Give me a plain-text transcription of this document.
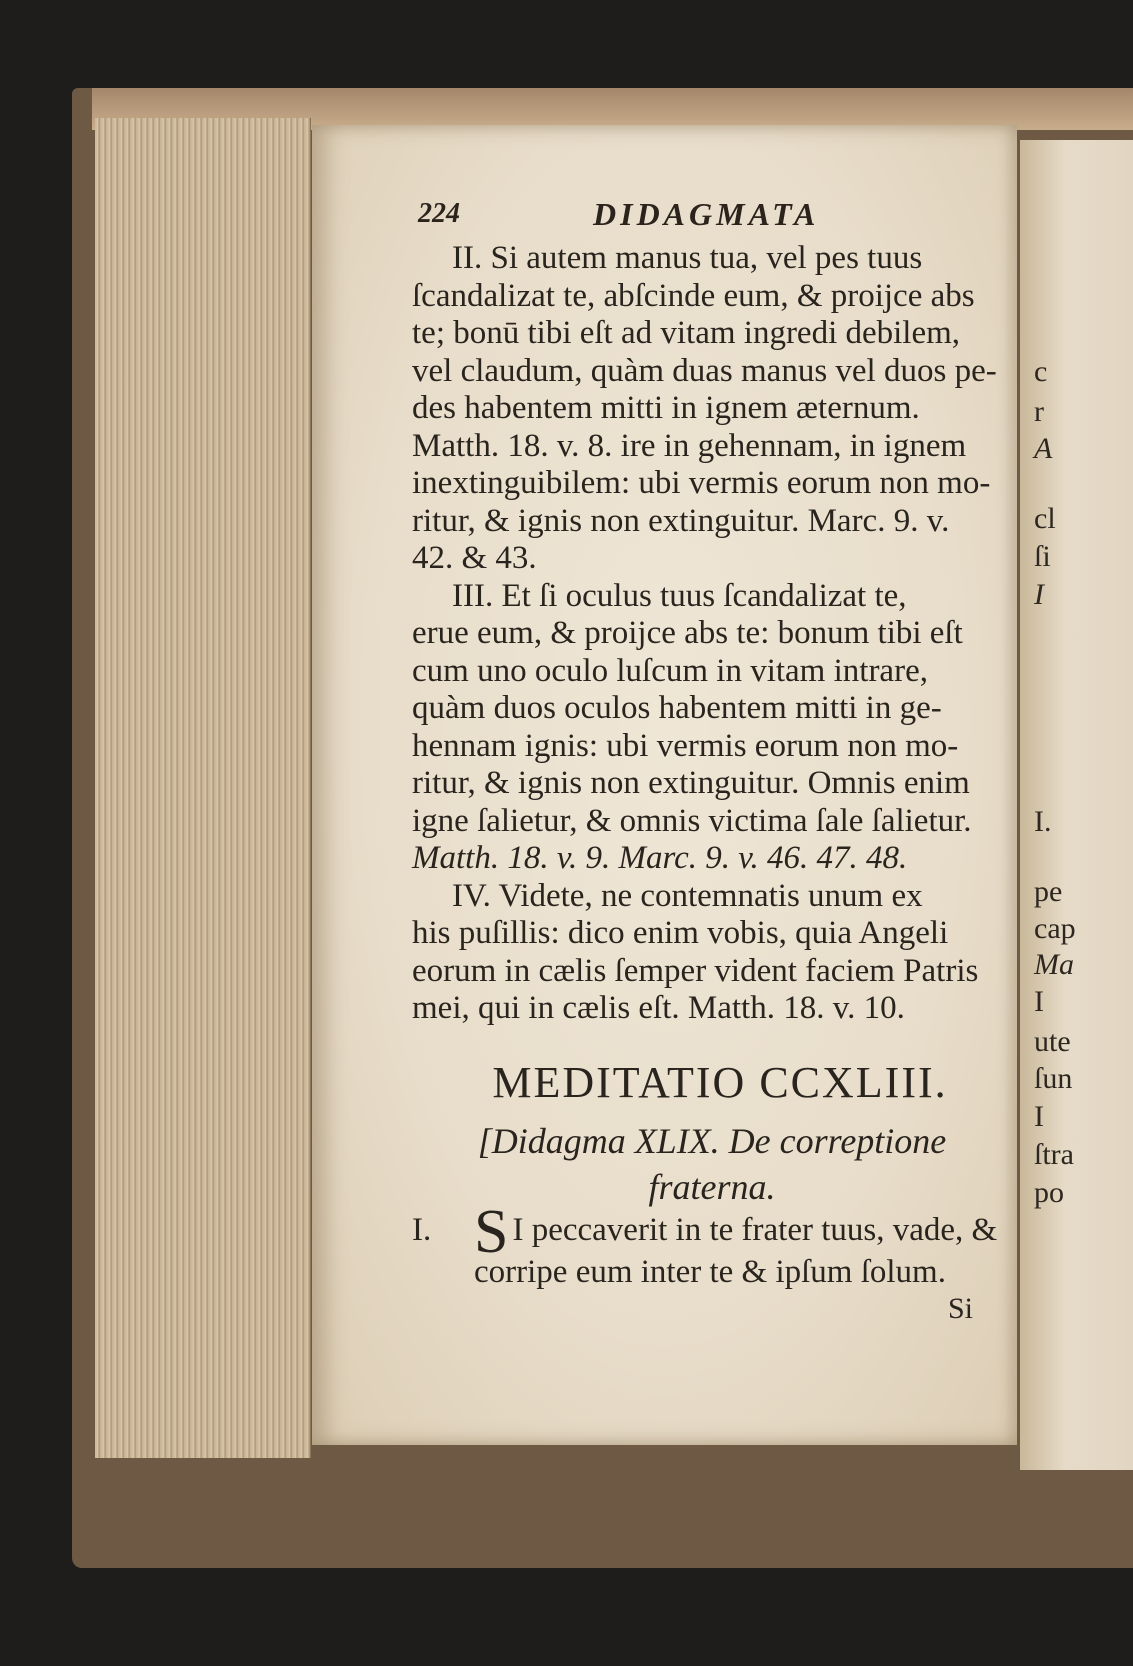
c
r
A
cl
ſi
I
I.
pe
cap
Ma
I
ute
ſun
I
ſtra
po
224	DIDAGMATA
II. Si autem manus tua, vel pes tuus
ſcandalizat te, abſcinde eum, & proijce abs
te; bonū tibi eſt ad vitam ingredi debilem,
vel claudum, quàm duas manus vel duos pe-
des habentem mitti in ignem æternum.
Matth. 18. v. 8. ire in gehennam, in ignem
inextinguibilem: ubi vermis eorum non mo-
ritur, & ignis non extinguitur. Marc. 9. v.
42. & 43.
III. Et ſi oculus tuus ſcandalizat te,
erue eum, & proijce abs te: bonum tibi eſt
cum uno oculo luſcum in vitam intrare,
quàm duos oculos habentem mitti in ge-
hennam ignis: ubi vermis eorum non mo-
ritur, & ignis non extinguitur. Omnis enim
igne ſalietur, & omnis victima ſale ſalietur.
Matth. 18. v. 9. Marc. 9. v. 46. 47. 48.
IV. Videte, ne contemnatis unum ex
his puſillis: dico enim vobis, quia Angeli
eorum in cælis ſemper vident faciem Patris
mei, qui in cælis eſt. Matth. 18. v. 10.
MEDITATIO CCXLIII.
[Didagma XLIX. De correptione
fraterna.
I. S I peccaverit in te frater tuus, vade, &
corripe eum inter te & ipſum ſolum.
Si
